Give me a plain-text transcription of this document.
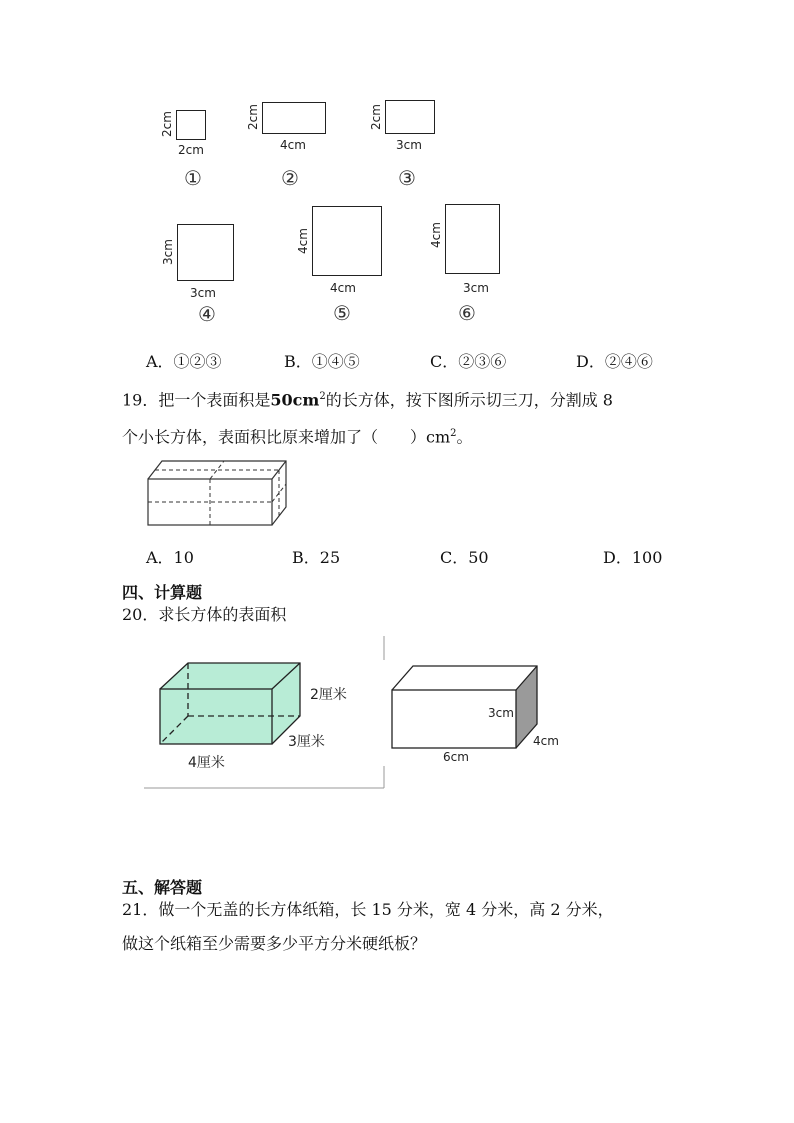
2cm
2cm
①
2cm
4cm
②
2cm
3cm
③
3cm
3cm
④
4cm
4cm
⑤
4cm
3cm
⑥
A．①②③	B．①④⑤	C．②③⑥	D．②④⑥
19．把一个表面积是$50cm^2$的长方体，按下图所示切三刀，分割成 8
个小长方体，表面积比原来增加了（　　）$cm^2$。
A．10	B．25	C．50	D．100
四、计算题
20．求长方体的表面积
2厘米
3厘米
4厘米
3cm
4cm
6cm
五、解答题
21．做一个无盖的长方体纸箱，长 15 分米，宽 4 分米，高 2 分米，
做这个纸箱至少需要多少平方分米硬纸板？
